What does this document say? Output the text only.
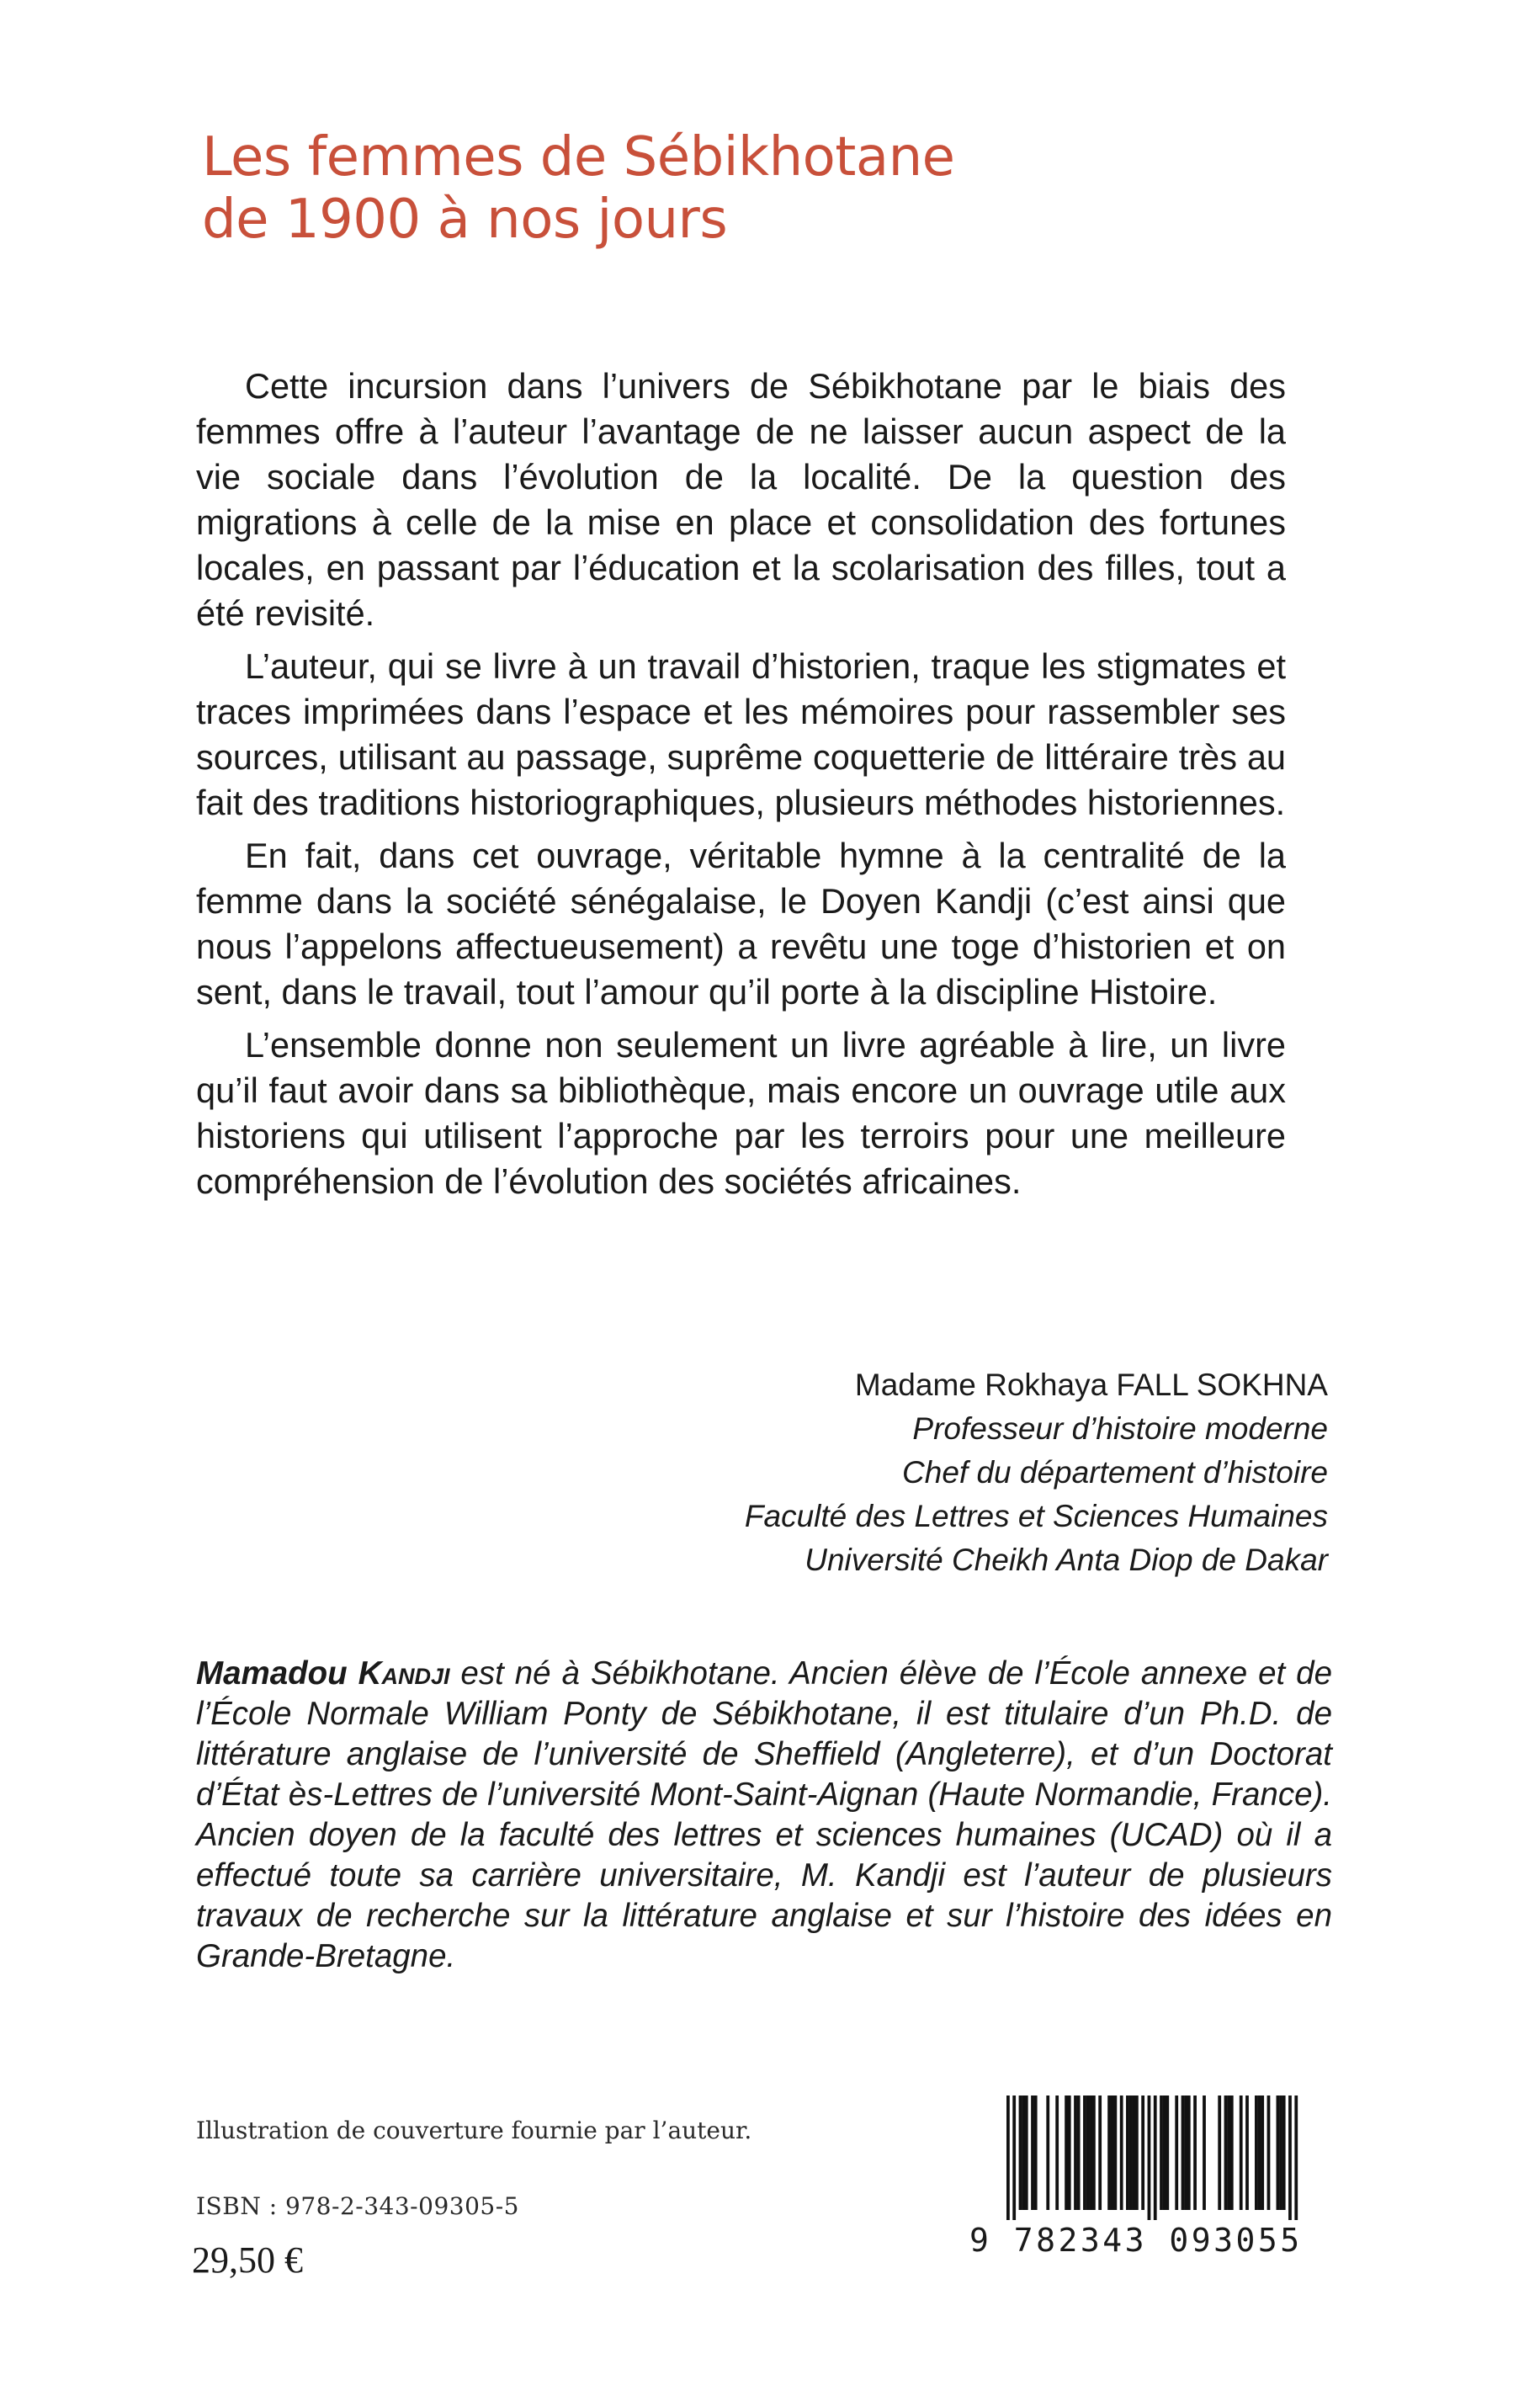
Les femmes de Sébikhotane
de 1900 à nos jours

Cette incursion dans l’univers de Sébikhotane par le biais des femmes offre à l’auteur l’avantage de ne laisser aucun aspect de la vie sociale dans l’évolution de la localité. De la question des migrations à celle de la mise en place et consolidation des fortunes locales, en passant par l’éducation et la scolarisation des filles, tout a été revisité.

L’auteur, qui se livre à un travail d’historien, traque les stigmates et traces imprimées dans l’espace et les mémoires pour rassembler ses sources, utilisant au passage, suprême coquetterie de littéraire très au fait des traditions historiographiques, plusieurs méthodes historiennes.

En fait, dans cet ouvrage, véritable hymne à la centralité de la femme dans la société sénégalaise, le Doyen Kandji (c’est ainsi que nous l’appelons affectueusement) a revêtu une toge d’historien et on sent, dans le travail, tout l’amour qu’il porte à la discipline Histoire.

L’ensemble donne non seulement un livre agréable à lire, un livre qu’il faut avoir dans sa bibliothèque, mais encore un ouvrage utile aux historiens qui utilisent l’approche par les terroirs pour une meilleure compréhension de l’évolution des sociétés africaines.

Madame Rokhaya FALL SOKHNA
Professeur d’histoire moderne
Chef du département d’histoire
Faculté des Lettres et Sciences Humaines
Université Cheikh Anta Diop de Dakar
Mamadou Kandji est né à Sébikhotane. Ancien élève de l’École annexe et de l’École Normale William Ponty de Sébikhotane, il est titulaire d’un Ph.D. de littérature anglaise de l’université de Sheffield (Angleterre), et d’un Doctorat d’État ès-Lettres de l’université Mont-Saint-Aignan (Haute Normandie, France). Ancien doyen de la faculté des lettres et sciences humaines (UCAD) où il a effectué toute sa carrière universitaire, M. Kandji est l’auteur de plusieurs travaux de recherche sur la littérature anglaise et sur l’histoire des idées en Grande-Bretagne.
Illustration de couverture fournie par l’auteur.
ISBN : 978-2-343-09305-5
29,50 €	9 782343 093055
